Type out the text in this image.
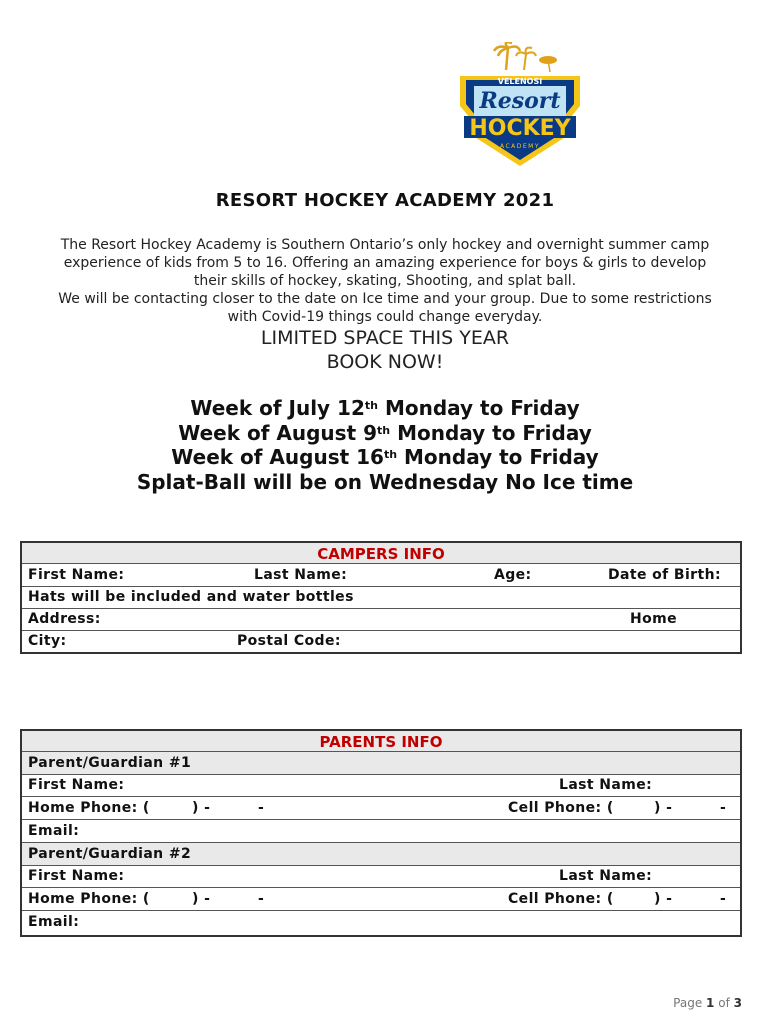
VELENOSI
Resort
HOCKEY
ACADEMY
RESORT HOCKEY ACADEMY 2021
The Resort Hockey Academy is Southern Ontario’s only hockey and overnight summer camp
experience of kids from 5 to 16. Offering an amazing experience for boys & girls to develop
their skills of hockey, skating, Shooting, and splat ball.
We will be contacting closer to the date on Ice time and your group. Due to some restrictions
with Covid-19 things could change everyday.
LIMITED SPACE THIS YEAR
BOOK NOW!
Week of July 12th Monday to Friday
Week of August 9th Monday to Friday
Week of August 16th Monday to Friday
Splat-Ball will be on Wednesday No Ice time
CAMPERS INFO
First Name:	Last Name:	Age:	Date of Birth:
Hats will be included and water bottles
Address:	Home
City:	Postal Code:
PARENTS INFO
Parent/Guardian #1
First Name:	Last Name:
Home Phone: (	) -	-	Cell Phone: (	) -	-
Email:
Parent/Guardian #2
First Name:	Last Name:
Home Phone: (	) -	-	Cell Phone: (	) -	-
Email:
Page 1 of 3
